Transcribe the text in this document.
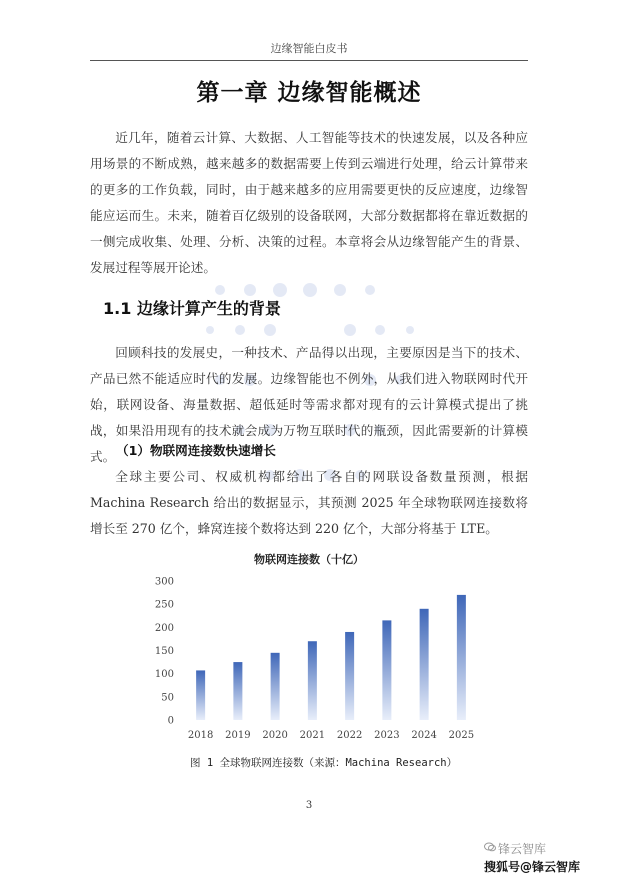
边缘智能白皮书
第一章 边缘智能概述

近几年，随着云计算、大数据、人工智能等技术的快速发展，以及各种应用场景的不断成熟，越来越多的数据需要上传到云端进行处理，给云计算带来的更多的工作负载，同时，由于越来越多的应用需要更快的反应速度，边缘智能应运而生。未来，随着百亿级别的设备联网，大部分数据都将在靠近数据的一侧完成收集、处理、分析、决策的过程。本章将会从边缘智能产生的背景、发展过程等展开论述。

1.1 边缘计算产生的背景

回顾科技的发展史，一种技术、产品得以出现，主要原因是当下的技术、产品已然不能适应时代的发展。边缘智能也不例外，从我们进入物联网时代开始，联网设备、海量数据、超低延时等需求都对现有的云计算模式提出了挑战，如果沿用现有的技术就会成为万物互联时代的瓶颈，因此需要新的计算模式。 （1）物联网连接数快速增长

全球主要公司、权威机构都给出了各自的网联设备数量预测，根据 Machina Research 给出的数据显示，其预测 2025 年全球物联网连接数将增长至 270 亿个，蜂窝连接个数将达到 220 亿个，大部分将基于 LTE。

物联网连接数（十亿）
0
50
100
150
200
250
300
2018 2019 2020 2021 2022 2023 2024 2025
图 1 全球物联网连接数（来源：Machina Research）
3
锋云智库
搜狐号@锋云智库
